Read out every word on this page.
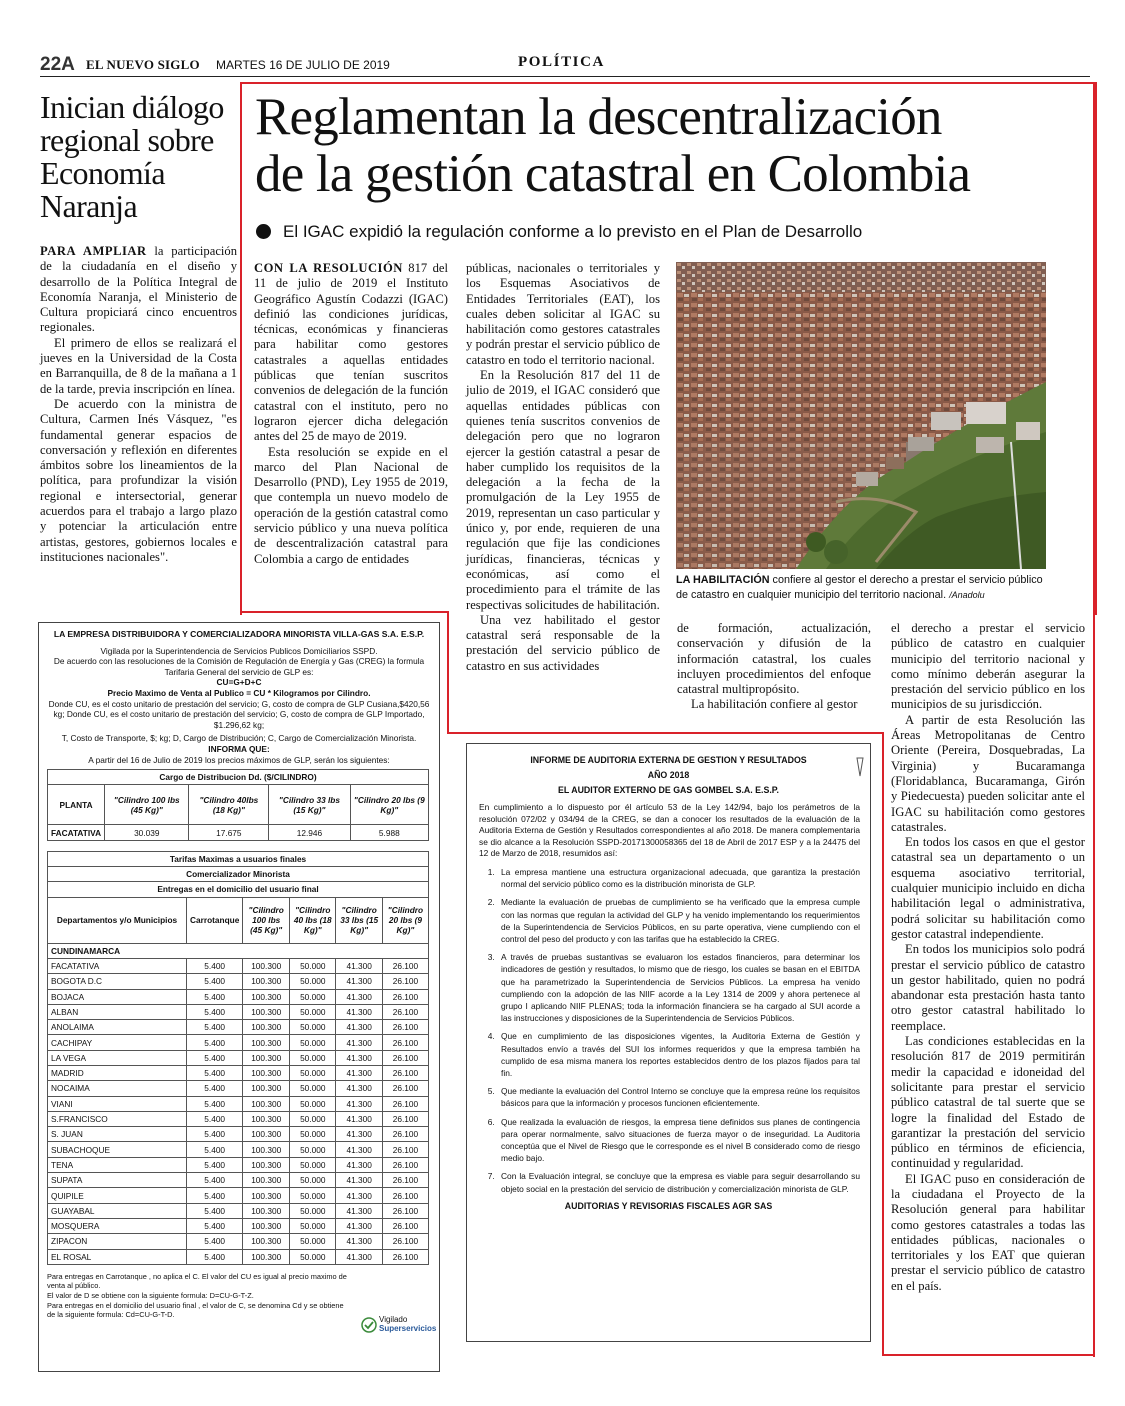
22A EL NUEVO SIGLO MARTES 16 DE JULIO DE 2019	POLÍTICA
Inician diálogo regional sobre Economía Naranja

PARA AMPLIAR la participación de la ciudadanía en el diseño y desarrollo de la Política Integral de Economía Naranja, el Ministerio de Cultura propiciará cinco encuentros regionales.

El primero de ellos se realizará el jueves en la Universidad de la Costa en Barranquilla, de 8 de la mañana a 1 de la tarde, previa inscripción en línea.

De acuerdo con la ministra de Cultura, Carmen Inés Vásquez, "es fundamental generar espacios de conversación y reflexión en diferentes ámbitos sobre los lineamientos de la política, para profundizar la visión regional e intersectorial, generar acuerdos para el trabajo a largo plazo y potenciar la articulación entre artistas, gestores, gobiernos locales e instituciones nacionales".

Reglamentan la descentralización
de la gestión catastral en Colombia
El IGAC expidió la regulación conforme a lo previsto en el Plan de Desarrollo

CON LA RESOLUCIÓN 817 del 11 de julio de 2019 el Instituto Geográfico Agustín Codazzi (IGAC) definió las condiciones jurídicas, técnicas, económicas y financieras para habilitar como gestores catastrales a aquellas entidades públicas que tenían suscritos convenios de delegación de la función catastral con el instituto, pero no lograron ejercer dicha delegación antes del 25 de mayo de 2019.

Esta resolución se expide en el marco del Plan Nacional de Desarrollo (PND), Ley 1955 de 2019, que contempla un nuevo modelo de operación de la gestión catastral como servicio público y una nueva política de descentralización catastral para Colombia a cargo de entidades

públicas, nacionales o territoriales y los Esquemas Asociativos de Entidades Territoriales (EAT), los cuales deben solicitar al IGAC su habilitación como gestores catastrales y podrán prestar el servicio público de catastro en todo el territorio nacional.

En la Resolución 817 del 11 de julio de 2019, el IGAC consideró que aquellas entidades públicas con quienes tenía suscritos convenios de delegación pero que no lograron ejercer la gestión catastral a pesar de haber cumplido los requisitos de la delegación a la fecha de la promulgación de la Ley 1955 de 2019, representan un caso particular y único y, por ende, requieren de una regulación que fije las condiciones jurídicas, financieras, técnicas y económicas, así como el procedimiento para el trámite de las respectivas solicitudes de habilitación.

Una vez habilitado el gestor catastral será responsable de la prestación del servicio público de catastro en sus actividades

LA HABILITACIÓN confiere al gestor el derecho a prestar el servicio público de catastro en cualquier municipio del territorio nacional. /Anadolu

de formación, actualización, conservación y difusión de la información catastral, los cuales incluyen procedimientos del enfoque catastral multipropósito.

La habilitación confiere al gestor

el derecho a prestar el servicio público de catastro en cualquier municipio del territorio nacional y como mínimo deberán asegurar la prestación del servicio público en los municipios de su jurisdicción.

A partir de esta Resolución las Áreas Metropolitanas de Centro Oriente (Pereira, Dosquebradas, La Virginia) y Bucaramanga (Floridablanca, Bucaramanga, Girón y Piedecuesta) pueden solicitar ante el IGAC su habilitación como gestores catastrales.

En todos los casos en que el gestor catastral sea un departamento o un esquema asociativo territorial, cualquier municipio incluido en dicha habilitación legal o administrativa, podrá solicitar su habilitación como gestor catastral independiente.

En todos los municipios solo podrá prestar el servicio público de catastro un gestor habilitado, quien no podrá abandonar esta prestación hasta tanto otro gestor catastral habilitado lo reemplace.

Las condiciones establecidas en la resolución 817 de 2019 permitirán medir la capacidad e idoneidad del solicitante para prestar el servicio público catastral de tal suerte que se logre la finalidad del Estado de garantizar la prestación del servicio público en términos de eficiencia, continuidad y regularidad.

El IGAC puso en consideración de la ciudadana el Proyecto de la Resolución general para habilitar como gestores catastrales a todas las entidades públicas, nacionales o territoriales y los EAT que quieran prestar el servicio público de catastro en el país.

LA EMPRESA DISTRIBUIDORA Y COMERCIALIZADORA MINORISTA VILLA-GAS S.A. E.S.P.
Vigilada por la Superintendencia de Servicios Publicos Domiciliarios SSPD.
De acuerdo con las resoluciones de la Comisión de Regulación de Energía y Gas (CREG) la formula Tarifaria General del servicio de GLP es:
CU=G+D+C
Precio Maximo de Venta al Publico = CU * Kilogramos por Cilindro.
Donde CU, es el costo unitario de prestación del servicio; G, costo de compra de GLP Cusiana,$420,56 kg; Donde CU, es el costo unitario de prestación del servicio; G, costo de compra de GLP Importado, $1.296,62 kg;
T, Costo de Transporte, $; kg; D, Cargo de Distribución; C, Cargo de Comercialización Minorista.
INFORMA QUE:
A partir del 16 de Julio de 2019 los precios máximos de GLP, serán los siguientes:
Cargo de Distribucion Dd. ($/CILINDRO)				
PLANTA	"Cilindro 100 lbs (45 Kg)"	"Cilindro 40lbs (18 Kg)"	"Cilindro 33 lbs (15 Kg)"	"Cilindro 20 lbs (9 Kg)"
FACATATIVA	30.039	17.675	12.946	5.988
Tarifas Maximas a usuarios finales					
Comercializador Minorista					
Entregas en el domicilio del usuario final					
Departamentos y/o Municipios	Carrotanque	"Cilindro 100 lbs (45 Kg)"	"Cilindro 40 lbs (18 Kg)"	"Cilindro 33 lbs (15 Kg)"	"Cilindro 20 lbs (9 Kg)"
CUNDINAMARCA					
FACATATIVA	5.400	100.300	50.000	41.300	26.100
BOGOTA D.C	5.400	100.300	50.000	41.300	26.100
BOJACA	5.400	100.300	50.000	41.300	26.100
ALBAN	5.400	100.300	50.000	41.300	26.100
ANOLAIMA	5.400	100.300	50.000	41.300	26.100
CACHIPAY	5.400	100.300	50.000	41.300	26.100
LA VEGA	5.400	100.300	50.000	41.300	26.100
MADRID	5.400	100.300	50.000	41.300	26.100
NOCAIMA	5.400	100.300	50.000	41.300	26.100
VIANI	5.400	100.300	50.000	41.300	26.100
S.FRANCISCO	5.400	100.300	50.000	41.300	26.100
S. JUAN	5.400	100.300	50.000	41.300	26.100
SUBACHOQUE	5.400	100.300	50.000	41.300	26.100
TENA	5.400	100.300	50.000	41.300	26.100
SUPATA	5.400	100.300	50.000	41.300	26.100
QUIPILE	5.400	100.300	50.000	41.300	26.100
GUAYABAL	5.400	100.300	50.000	41.300	26.100
MOSQUERA	5.400	100.300	50.000	41.300	26.100
ZIPACON	5.400	100.300	50.000	41.300	26.100
EL ROSAL	5.400	100.300	50.000	41.300	26.100
Para entregas en Carrotanque , no aplica el C. El valor del CU es igual al precio maximo de venta al público.
El valor de D se obtiene con la siguiente formula: D=CU-G-T-Z.
Para entregas en el domicilio del usuario final , el valor de C, se denomina Cd y se obtiene de la siguiente formula: Cd=CU-G-T-D.
Vigilado
Superservicios
INFORME DE AUDITORIA EXTERNA DE GESTION Y RESULTADOS
AÑO 2018
EL AUDITOR EXTERNO DE GAS GOMBEL S.A. E.S.P.
En cumplimiento a lo dispuesto por él artículo 53 de la Ley 142/94, bajo los perámetros de la resolución 072/02 y 034/94 de la CREG, se dan a conocer los resultados de la evaluación de la Auditoria Externa de Gestión y Resultados correspondientes al año 2018. De manera complementaria se dio alcance a la Resolución SSPD-20171300058365 del 18 de Abril de 2017 ESP y a la 24475 del 12 de Marzo de 2018, resumidos así:
1. La empresa mantiene una estructura organizacional adecuada, que garantiza la prestación normal del servicio público como es la distribución minorista de GLP.
2. Mediante la evaluación de pruebas de cumplimiento se ha verificado que la empresa cumple con las normas que regulan la actividad del GLP y ha venido implementando los requerimientos de la Superintendencia de Servicios Públicos, en su parte operativa, viene cumpliendo con el control del peso del producto y con las tarifas que ha establecido la CREG.
3. A través de pruebas sustantivas se evaluaron los estados financieros, para determinar los indicadores de gestión y resultados, lo mismo que de riesgo, los cuales se basan en el EBITDA que ha parametrizado la Superintendencia de Servicios Públicos. La empresa ha venido cumpliendo con la adopción de las NIIF acorde a la Ley 1314 de 2009 y ahora pertenece al grupo I aplicando NIIF PLENAS; toda la información financiera se ha cargado al SUI acorde a las instrucciones y disposiciones de la Superintendencia de Servicios Públicos.
4. Que en cumplimiento de las disposiciones vigentes, la Auditoria Externa de Gestión y Resultados envío a través del SUI los informes requeridos y que la empresa también ha cumplido de esa misma manera los reportes establecidos dentro de los plazos fijados para tal fin.
5. Que mediante la evaluación del Control Interno se concluye que la empresa reúne los requisitos básicos para que la información y procesos funcionen eficientemente.
6. Que realizada la evaluación de riesgos, la empresa tiene definidos sus planes de contingencia para operar normalmente, salvo situaciones de fuerza mayor o de inseguridad. La Auditoria conceptúa que el Nivel de Riesgo que le corresponde es el nivel B considerado como de riesgo medio bajo.
7. Con la Evaluación integral, se concluye que la empresa es viable para seguir desarrollando su objeto social en la prestación del servicio de distribución y comercialización minorista de GLP.
AUDITORIAS Y REVISORIAS FISCALES AGR SAS
